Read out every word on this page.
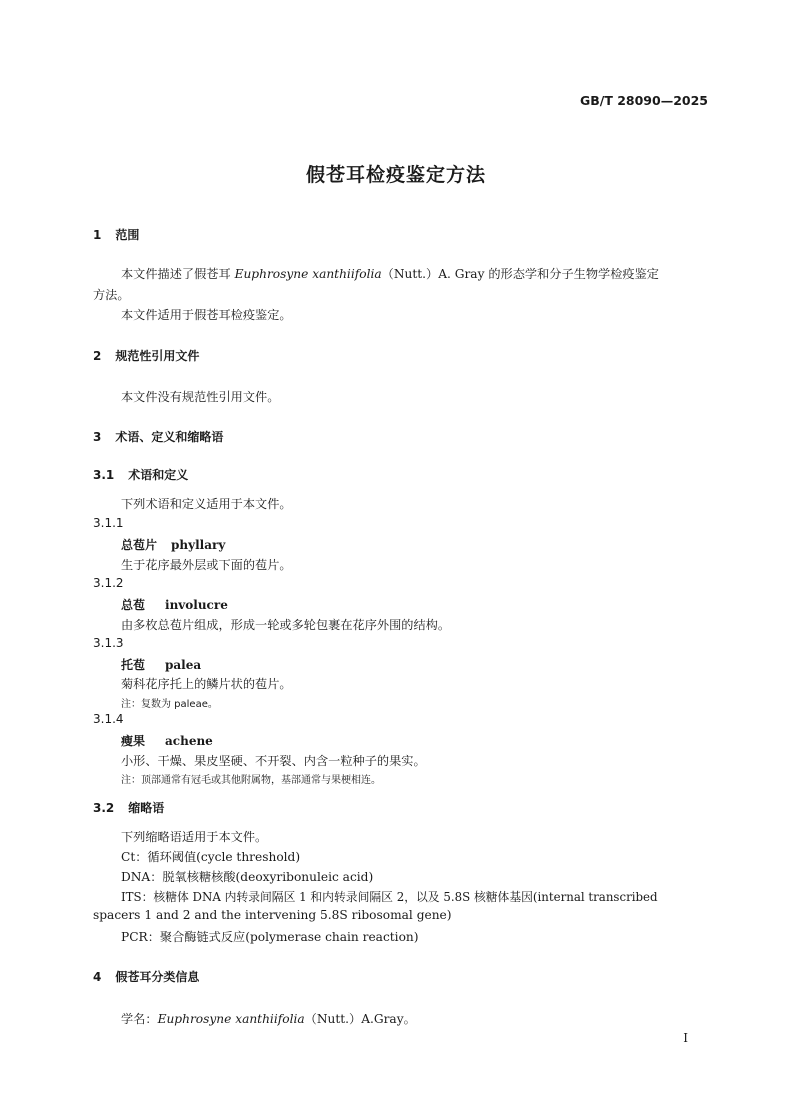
GB/T 28090—2025
假苍耳检疫鉴定方法
1 范围
本文件描述了假苍耳 Euphrosyne xanthiifolia（Nutt.）A. Gray 的形态学和分子生物学检疫鉴定
方法。
本文件适用于假苍耳检疫鉴定。
2 规范性引用文件
本文件没有规范性引用文件。
3 术语、定义和缩略语
3.1 术语和定义
下列术语和定义适用于本文件。
3.1.1
总苞片 phyllary
生于花序最外层或下面的苞片。
3.1.2
总苞 involucre
由多枚总苞片组成，形成一轮或多轮包裹在花序外围的结构。
3.1.3
托苞 palea
菊科花序托上的鳞片状的苞片。
注：复数为 paleae。
3.1.4
瘦果 achene
小形、干燥、果皮坚硬、不开裂、内含一粒种子的果实。
注：顶部通常有冠毛或其他附属物，基部通常与果梗相连。
3.2 缩略语
下列缩略语适用于本文件。
Ct：循环阈值(cycle threshold)
DNA：脱氧核糖核酸(deoxyribonuleic acid)
ITS：核糖体 DNA 内转录间隔区 1 和内转录间隔区 2，以及 5.8S 核糖体基因(internal transcribed
spacers 1 and 2 and the intervening 5.8S ribosomal gene)
PCR：聚合酶链式反应(polymerase chain reaction)
4 假苍耳分类信息
学名：Euphrosyne xanthiifolia（Nutt.）A.Gray。
I
